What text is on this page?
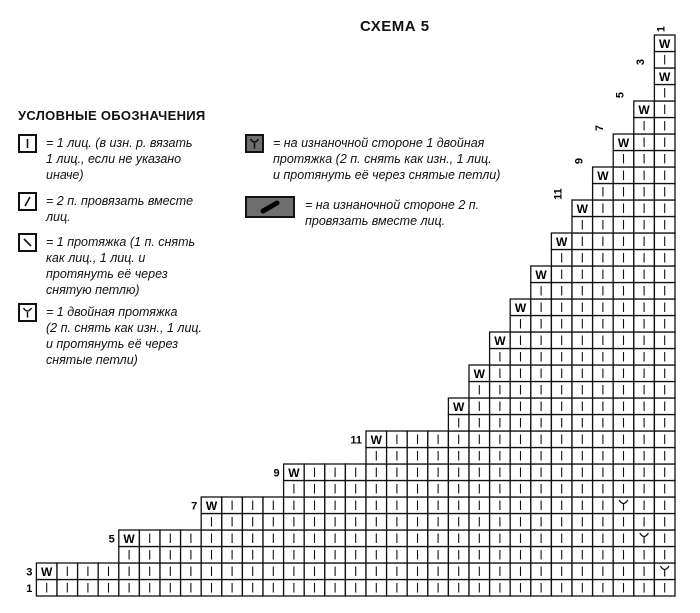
СХЕМА 5
УСЛОВНЫЕ ОБОЗНАЧЕНИЯ
= 1 лиц. (в изн. р. вязать
1 лиц., если не указано
иначе)
= 2 п. провязать вместе
лиц.
= 1 протяжка (1 п. снять
как лиц., 1 лиц. и
протянуть её через
снятую петлю)
= 1 двойная протяжка
(2 п. снять как изн., 1 лиц.
и протянуть её через
снятые петли)
= на изнаночной стороне 1 двойная
протяжка (2 п. снять как изн., 1 лиц.
и протянуть её через снятые петли)
= на изнаночной стороне 2 п.
провязать вместе лиц.
W
W
W
W
W
W
W
W
W
W
W
W
W
W
W
W
W
1
3
5
7
9
11
1
3
5
7
9
11
